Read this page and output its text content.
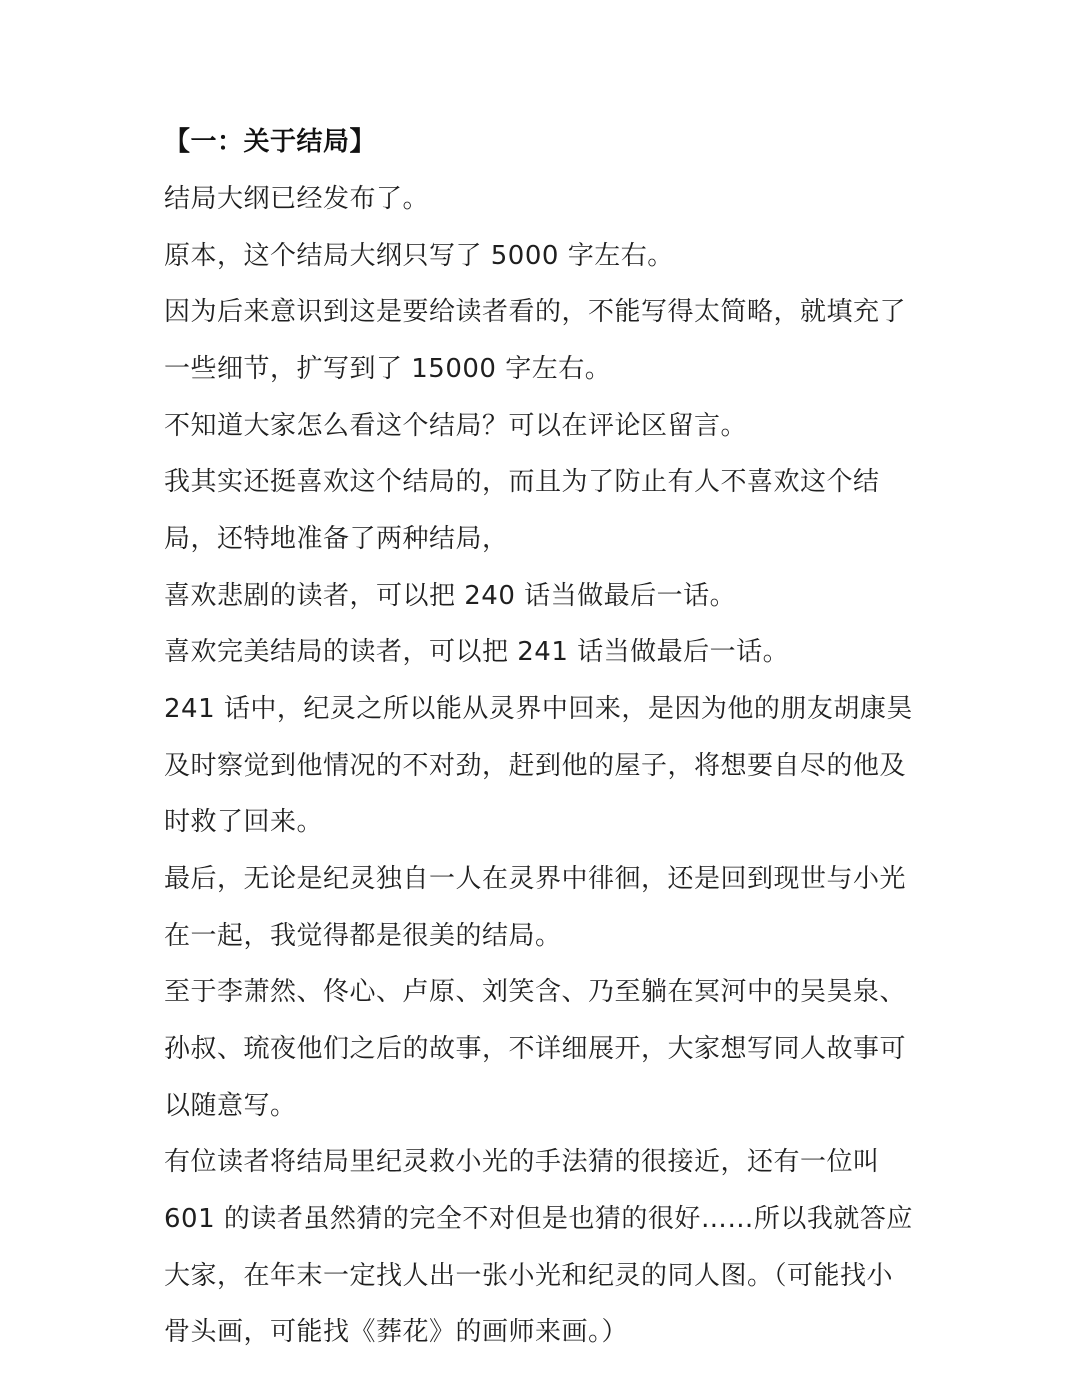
【一：关于结局】
结局大纲已经发布了。
原本，这个结局大纲只写了 5000 字左右。
因为后来意识到这是要给读者看的，不能写得太简略，就填充了
一些细节，扩写到了 15000 字左右。
不知道大家怎么看这个结局？可以在评论区留言。
我其实还挺喜欢这个结局的，而且为了防止有人不喜欢这个结
局，还特地准备了两种结局，
喜欢悲剧的读者，可以把 240 话当做最后一话。
喜欢完美结局的读者，可以把 241 话当做最后一话。
241 话中，纪灵之所以能从灵界中回来，是因为他的朋友胡康昊
及时察觉到他情况的不对劲，赶到他的屋子，将想要自尽的他及
时救了回来。
最后，无论是纪灵独自一人在灵界中徘徊，还是回到现世与小光
在一起，我觉得都是很美的结局。
至于李萧然、佟心、卢原、刘笑含、乃至躺在冥河中的吴昊泉、
孙叔、琉夜他们之后的故事，不详细展开，大家想写同人故事可
以随意写。
有位读者将结局里纪灵救小光的手法猜的很接近，还有一位叫
601 的读者虽然猜的完全不对但是也猜的很好……所以我就答应
大家，在年末一定找人出一张小光和纪灵的同人图。（可能找小
骨头画，可能找《葬花》的画师来画。）
